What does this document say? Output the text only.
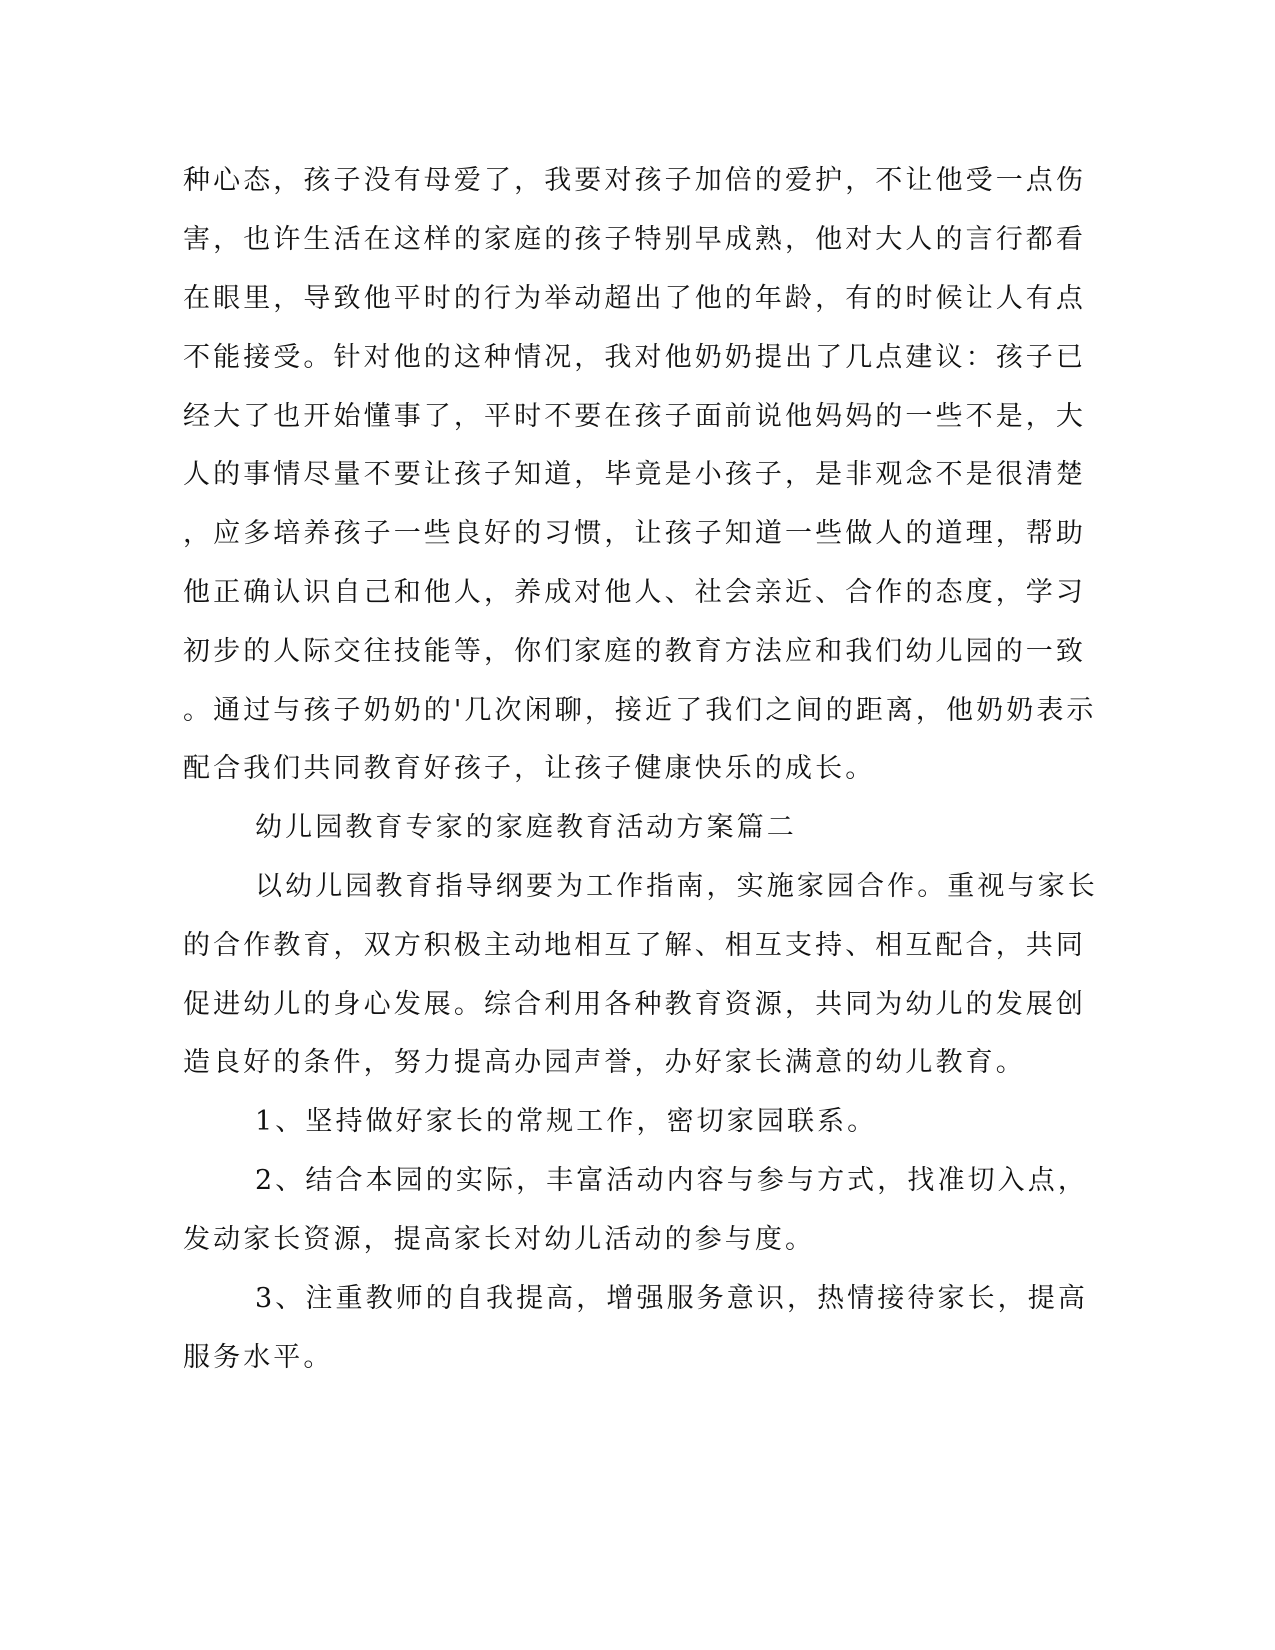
种心态，孩子没有母爱了，我要对孩子加倍的爱护，不让他受一点伤
害，也许生活在这样的家庭的孩子特别早成熟，他对大人的言行都看
在眼里，导致他平时的行为举动超出了他的年龄，有的时候让人有点
不能接受。针对他的这种情况，我对他奶奶提出了几点建议：孩子已
经大了也开始懂事了，平时不要在孩子面前说他妈妈的一些不是，大
人的事情尽量不要让孩子知道，毕竟是小孩子，是非观念不是很清楚
，应多培养孩子一些良好的习惯，让孩子知道一些做人的道理，帮助
他正确认识自己和他人，养成对他人、社会亲近、合作的态度，学习
初步的人际交往技能等，你们家庭的教育方法应和我们幼儿园的一致
。通过与孩子奶奶的'几次闲聊，接近了我们之间的距离，他奶奶表示
配合我们共同教育好孩子，让孩子健康快乐的成长。
幼儿园教育专家的家庭教育活动方案篇二
以幼儿园教育指导纲要为工作指南，实施家园合作。重视与家长
的合作教育，双方积极主动地相互了解、相互支持、相互配合，共同
促进幼儿的身心发展。综合利用各种教育资源，共同为幼儿的发展创
造良好的条件，努力提高办园声誉，办好家长满意的幼儿教育。
1、坚持做好家长的常规工作，密切家园联系。
2、结合本园的实际，丰富活动内容与参与方式，找准切入点，
发动家长资源，提高家长对幼儿活动的参与度。
3、注重教师的自我提高，增强服务意识，热情接待家长，提高
服务水平。
